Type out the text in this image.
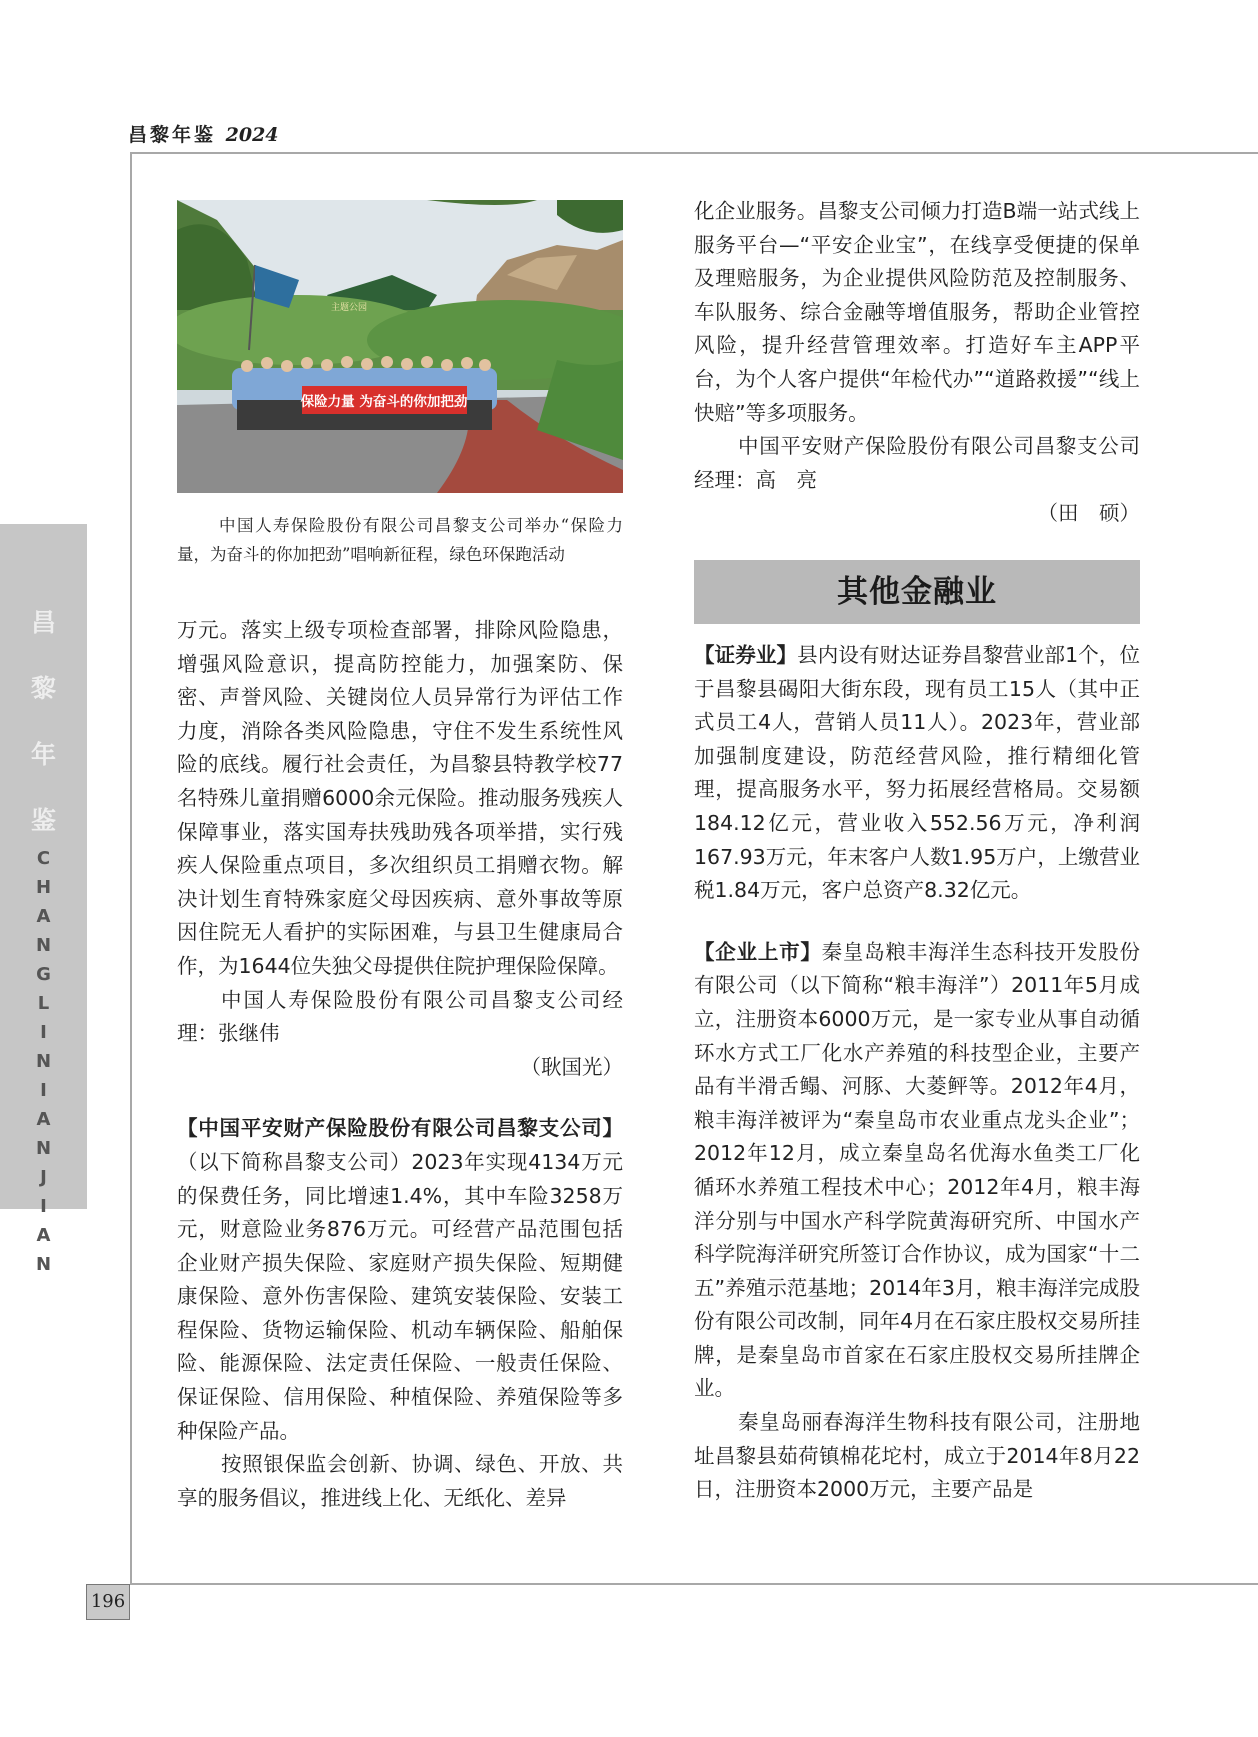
昌黎年鉴 2024
昌
黎
年
鉴
C
H
A
N
G
L
I
N
I
A
N
J
I
A
N
保险力量 为奋斗的你加把劲
主题公园
中国人寿保险股份有限公司昌黎支公司举办“保险力量，为奋斗的你加把劲”唱响新征程，绿色环保跑活动

万元。落实上级专项检查部署，排除风险隐患，增强风险意识，提高防控能力，加强案防、保密、声誉风险、关键岗位人员异常行为评估工作力度，消除各类风险隐患，守住不发生系统性风险的底线。履行社会责任，为昌黎县特教学校77名特殊儿童捐赠6000余元保险。推动服务残疾人保障事业，落实国寿扶残助残各项举措，实行残疾人保险重点项目，多次组织员工捐赠衣物。解决计划生育特殊家庭父母因疾病、意外事故等原因住院无人看护的实际困难，与县卫生健康局合作，为1644位失独父母提供住院护理保险保障。

中国人寿保险股份有限公司昌黎支公司经理：张继伟

（耿国光）

【中国平安财产保险股份有限公司昌黎支公司】（以下简称昌黎支公司）2023年实现4134万元的保费任务，同比增速1.4%，其中车险3258万元，财意险业务876万元。可经营产品范围包括企业财产损失保险、家庭财产损失保险、短期健康保险、意外伤害保险、建筑安装保险、安装工程保险、货物运输保险、机动车辆保险、船舶保险、能源保险、法定责任保险、一般责任保险、保证保险、信用保险、种植保险、养殖保险等多种保险产品。

按照银保监会创新、协调、绿色、开放、共享的服务倡议，推进线上化、无纸化、差异

化企业服务。昌黎支公司倾力打造B端一站式线上服务平台—“平安企业宝”，在线享受便捷的保单及理赔服务，为企业提供风险防范及控制服务、车队服务、综合金融等增值服务，帮助企业管控风险，提升经营管理效率。打造好车主APP平台，为个人客户提供“年检代办”“道路救援”“线上快赔”等多项服务。

中国平安财产保险股份有限公司昌黎支公司经理：高　亮

（田　硕）

其他金融业

【证券业】县内设有财达证券昌黎营业部1个，位于昌黎县碣阳大街东段，现有员工15人（其中正式员工4人，营销人员11人）。2023年，营业部加强制度建设，防范经营风险，推行精细化管理，提高服务水平，努力拓展经营格局。交易额184.12亿元，营业收入552.56万元，净利润167.93万元，年末客户人数1.95万户，上缴营业税1.84万元，客户总资产8.32亿元。

【企业上市】秦皇岛粮丰海洋生态科技开发股份有限公司（以下简称“粮丰海洋”）2011年5月成立，注册资本6000万元，是一家专业从事自动循环水方式工厂化水产养殖的科技型企业，主要产品有半滑舌鳎、河豚、大菱鲆等。2012年4月，粮丰海洋被评为“秦皇岛市农业重点龙头企业”；2012年12月，成立秦皇岛名优海水鱼类工厂化循环水养殖工程技术中心；2012年4月，粮丰海洋分别与中国水产科学院黄海研究所、中国水产科学院海洋研究所签订合作协议，成为国家“十二五”养殖示范基地；2014年3月，粮丰海洋完成股份有限公司改制，同年4月在石家庄股权交易所挂牌，是秦皇岛市首家在石家庄股权交易所挂牌企业。

秦皇岛丽春海洋生物科技有限公司，注册地址昌黎县茹荷镇棉花坨村，成立于2014年8月22日，注册资本2000万元，主要产品是

196
